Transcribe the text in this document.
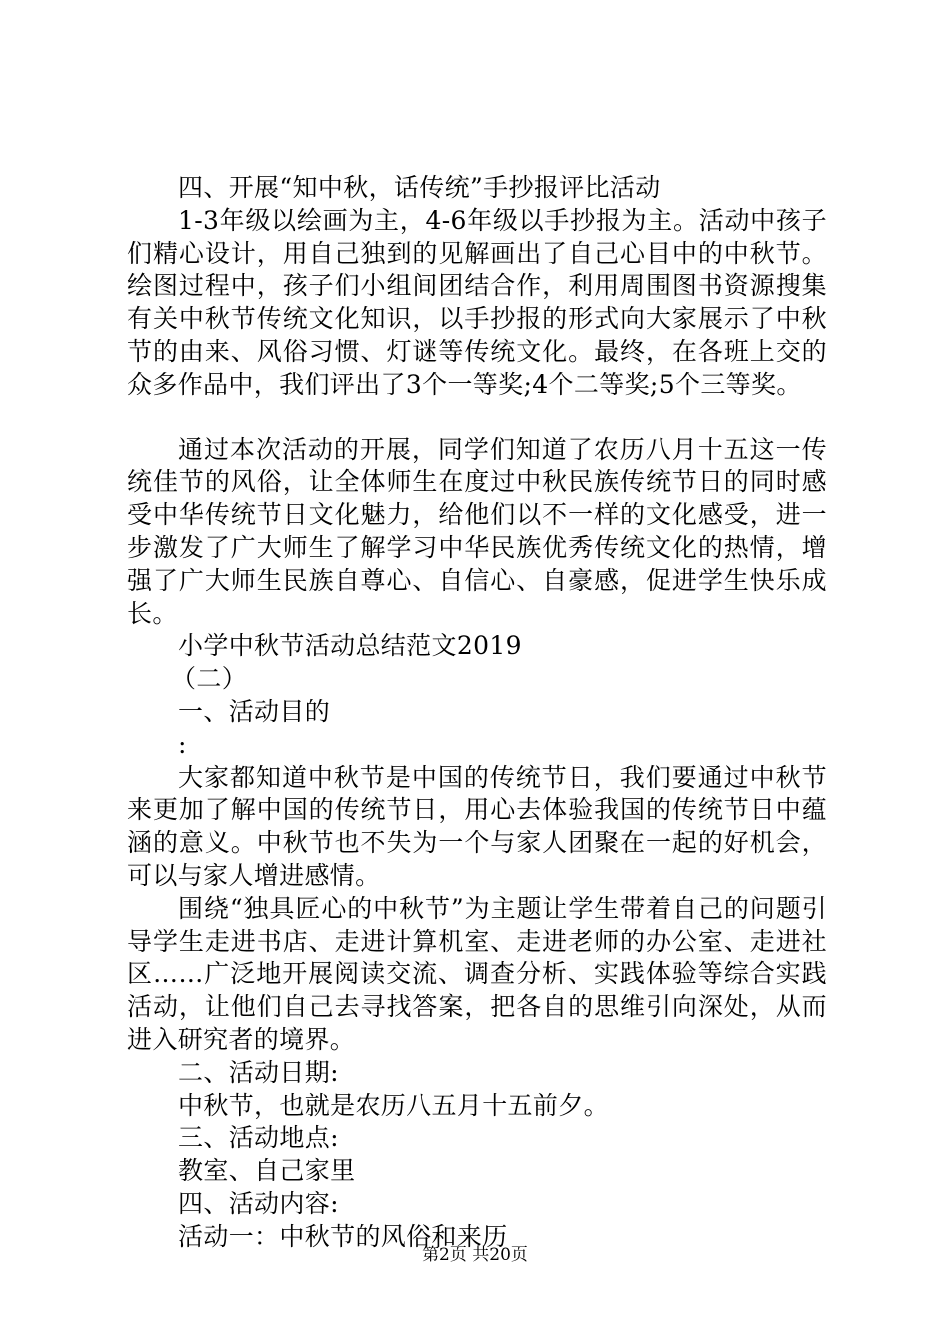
四、开展“知中秋，话传统”手抄报评比活动

1-3年级以绘画为主，4-6年级以手抄报为主。活动中孩子们精心设计，用自己独到的见解画出了自己心目中的中秋节。绘图过程中，孩子们小组间团结合作，利用周围图书资源搜集有关中秋节传统文化知识，以手抄报的形式向大家展示了中秋节的由来、风俗习惯、灯谜等传统文化。最终，在各班上交的众多作品中，我们评出了3个一等奖;4个二等奖;5个三等奖。

通过本次活动的开展，同学们知道了农历八月十五这一传统佳节的风俗，让全体师生在度过中秋民族传统节日的同时感受中华传统节日文化魅力，给他们以不一样的文化感受，进一步激发了广大师生了解学习中华民族优秀传统文化的热情，增强了广大师生民族自尊心、自信心、自豪感，促进学生快乐成长。

小学中秋节活动总结范文2019

（二）

一、活动目的

:

大家都知道中秋节是中国的传统节日，我们要通过中秋节来更加了解中国的传统节日，用心去体验我国的传统节日中蕴涵的意义。中秋节也不失为一个与家人团聚在一起的好机会，可以与家人增进感情。

围绕“独具匠心的中秋节”为主题让学生带着自己的问题引导学生走进书店、走进计算机室、走进老师的办公室、走进社区……广泛地开展阅读交流、调查分析、实践体验等综合实践活动，让他们自己去寻找答案，把各自的思维引向深处，从而进入研究者的境界。

二、活动日期:

中秋节，也就是农历八五月十五前夕。

三、活动地点:

教室、自己家里

四、活动内容:

活动一：中秋节的风俗和来历

第2页 共20页
